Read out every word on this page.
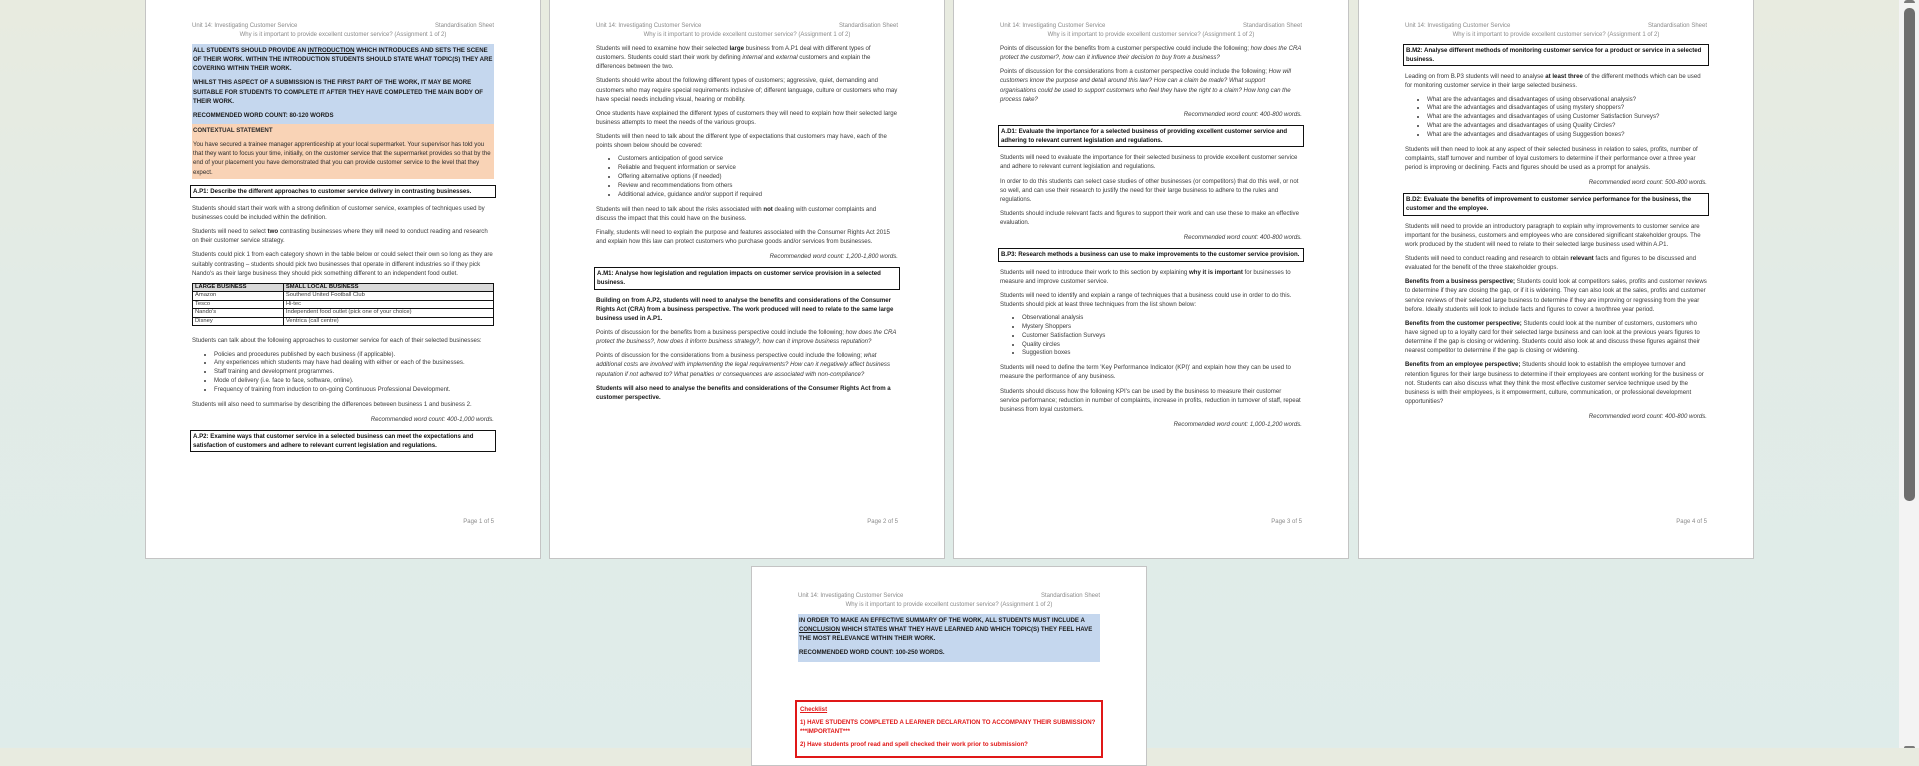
Unit 14: Investigating Customer Service	Standardisation Sheet
Why is it important to provide excellent customer service? (Assignment 1 of 2)

ALL STUDENTS SHOULD PROVIDE AN INTRODUCTION WHICH INTRODUCES AND SETS THE SCENE OF THEIR WORK. WITHIN THE INTRODUCTION STUDENTS SHOULD STATE WHAT TOPIC(S) THEY ARE COVERING WITHIN THEIR WORK.

WHILST THIS ASPECT OF A SUBMISSION IS THE FIRST PART OF THE WORK, IT MAY BE MORE SUITABLE FOR STUDENTS TO COMPLETE IT AFTER THEY HAVE COMPLETED THE MAIN BODY OF THEIR WORK.

RECOMMENDED WORD COUNT: 80-120 WORDS

CONTEXTUAL STATEMENT
You have secured a trainee manager apprenticeship at your local supermarket. Your supervisor has told you that they want to focus your time, initially, on the customer service that the supermarket provides so that by the end of your placement you have demonstrated that you can provide customer service to the level that they expect.
A.P1: Describe the different approaches to customer service delivery in contrasting businesses.

Students should start their work with a strong definition of customer service, examples of techniques used by businesses could be included within the definition.

Students will need to select two contrasting businesses where they will need to conduct reading and research on their customer service strategy.

Students could pick 1 from each category shown in the table below or could select their own so long as they are suitably contrasting – students should pick two businesses that operate in different industries so if they pick Nando's as their large business they should pick something different to an independent food outlet.

LARGE BUSINESS	SMALL LOCAL BUSINESS
Amazon	Southend United Football Club
Tesco	Hi-tec
Nando's	Independent food outlet (pick one of your choice)
Disney	Ventrica (call centre)

Students can talk about the following approaches to customer service for each of their selected businesses:

• Policies and procedures published by each business (if applicable).
• Any experiences which students may have had dealing with either or each of the businesses.
• Staff training and development programmes.
• Mode of delivery (i.e. face to face, software, online).
• Frequency of training from induction to on-going Continuous Professional Development.

Students will also need to summarise by describing the differences between business 1 and business 2.

Recommended word count: 400-1,000 words.
A.P2: Examine ways that customer service in a selected business can meet the expectations and satisfaction of customers and adhere to relevant current legislation and regulations.
Page 1 of 5
Unit 14: Investigating Customer Service	Standardisation Sheet
Why is it important to provide excellent customer service? (Assignment 1 of 2)

Students will need to examine how their selected large business from A.P1 deal with different types of customers. Students could start their work by defining internal and external customers and explain the differences between the two.

Students should write about the following different types of customers; aggressive, quiet, demanding and customers who may require special requirements inclusive of; different language, culture or customers who may have special needs including visual, hearing or mobility.

Once students have explained the different types of customers they will need to explain how their selected large business attempts to meet the needs of the various groups.

Students will then need to talk about the different type of expectations that customers may have, each of the points shown below should be covered:

• Customers anticipation of good service
• Reliable and frequent information or service
• Offering alternative options (if needed)
• Review and recommendations from others
• Additional advice, guidance and/or support if required

Students will then need to talk about the risks associated with not dealing with customer complaints and discuss the impact that this could have on the business.

Finally, students will need to explain the purpose and features associated with the Consumer Rights Act 2015 and explain how this law can protect customers who purchase goods and/or services from businesses.

Recommended word count: 1,200-1,800 words.
A.M1: Analyse how legislation and regulation impacts on customer service provision in a selected business.

Building on from A.P2, students will need to analyse the benefits and considerations of the Consumer Rights Act (CRA) from a business perspective. The work produced will need to relate to the same large business used in A.P1.

Points of discussion for the benefits from a business perspective could include the following; how does the CRA protect the business?, how does it inform business strategy?, how can it improve business reputation?

Points of discussion for the considerations from a business perspective could include the following; what additional costs are involved with implementing the legal requirements? How can it negatively affect business reputation if not adhered to? What penalties or consequences are associated with non-compliance?

Students will also need to analyse the benefits and considerations of the Consumer Rights Act from a customer perspective.

Page 2 of 5
Unit 14: Investigating Customer Service	Standardisation Sheet
Why is it important to provide excellent customer service? (Assignment 1 of 2)

Points of discussion for the benefits from a customer perspective could include the following; how does the CRA protect the customer?, how can it influence their decision to buy from a business?

Points of discussion for the considerations from a customer perspective could include the following; How will customers know the purpose and detail around this law? How can a claim be made? What support organisations could be used to support customers who feel they have the right to a claim? How long can the process take?

Recommended word count: 400-800 words.
A.D1: Evaluate the importance for a selected business of providing excellent customer service and adhering to relevant current legislation and regulations.

Students will need to evaluate the importance for their selected business to provide excellent customer service and adhere to relevant current legislation and regulations.

In order to do this students can select case studies of other businesses (or competitors) that do this well, or not so well, and can use their research to justify the need for their large business to adhere to the rules and regulations.

Students should include relevant facts and figures to support their work and can use these to make an effective evaluation.

Recommended word count: 400-800 words.
B.P3: Research methods a business can use to make improvements to the customer service provision.

Students will need to introduce their work to this section by explaining why it is important for businesses to measure and improve customer service.

Students will need to identify and explain a range of techniques that a business could use in order to do this. Students should pick at least three techniques from the list shown below:

• Observational analysis
• Mystery Shoppers
• Customer Satisfaction Surveys
• Quality circles
• Suggestion boxes

Students will need to define the term 'Key Performance Indicator (KPI)' and explain how they can be used to measure the performance of any business.

Students should discuss how the following KPI's can be used by the business to measure their customer service performance; reduction in number of complaints, increase in profits, reduction in turnover of staff, repeat business from loyal customers.

Recommended word count: 1,000-1,200 words.
Page 3 of 5
Unit 14: Investigating Customer Service	Standardisation Sheet
Why is it important to provide excellent customer service? (Assignment 1 of 2)
B.M2: Analyse different methods of monitoring customer service for a product or service in a selected business.

Leading on from B.P3 students will need to analyse at least three of the different methods which can be used for monitoring customer service in their large selected business.

• What are the advantages and disadvantages of using observational analysis?
• What are the advantages and disadvantages of using mystery shoppers?
• What are the advantages and disadvantages of using Customer Satisfaction Surveys?
• What are the advantages and disadvantages of using Quality Circles?
• What are the advantages and disadvantages of using Suggestion boxes?

Students will then need to look at any aspect of their selected business in relation to sales, profits, number of complaints, staff turnover and number of loyal customers to determine if their performance over a three year period is improving or declining. Facts and figures should be used as a prompt for analysis.

Recommended word count: 500-800 words.
B.D2: Evaluate the benefits of improvement to customer service performance for the business, the customer and the employee.

Students will need to provide an introductory paragraph to explain why improvements to customer service are important for the business, customers and employees who are considered significant stakeholder groups. The work produced by the student will need to relate to their selected large business used within A.P1.

Students will need to conduct reading and research to obtain relevant facts and figures to be discussed and evaluated for the benefit of the three stakeholder groups.

Benefits from a business perspective; Students could look at competitors sales, profits and customer reviews to determine if they are closing the gap, or if it is widening. They can also look at the sales, profits and customer service reviews of their selected large business to determine if they are improving or regressing from the year before. Ideally students will look to include facts and figures to cover a two/three year period.

Benefits from the customer perspective; Students could look at the number of customers, customers who have signed up to a loyalty card for their selected large business and can look at the previous years figures to determine if the gap is closing or widening. Students could also look at and discuss these figures against their nearest competitor to determine if the gap is closing or widening.

Benefits from an employee perspective; Students should look to establish the employee turnover and retention figures for their large business to determine if their employees are content working for the business or not. Students can also discuss what they think the most effective customer service technique used by the business is with their employees, is it empowerment, culture, communication, or professional development opportunities?

Recommended word count: 400-800 words.
Page 4 of 5
Unit 14: Investigating Customer Service	Standardisation Sheet
Why is it important to provide excellent customer service? (Assignment 1 of 2)

IN ORDER TO MAKE AN EFFECTIVE SUMMARY OF THE WORK, ALL STUDENTS MUST INCLUDE A CONCLUSION WHICH STATES WHAT THEY HAVE LEARNED AND WHICH TOPIC(S) THEY FEEL HAVE THE MOST RELEVANCE WITHIN THEIR WORK.

RECOMMENDED WORD COUNT: 100-250 WORDS.

Checklist

1) HAVE STUDENTS COMPLETED A LEARNER DECLARATION TO ACCOMPANY THEIR SUBMISSION? ***IMPORTANT***

2) Have students proof read and spell checked their work prior to submission?
